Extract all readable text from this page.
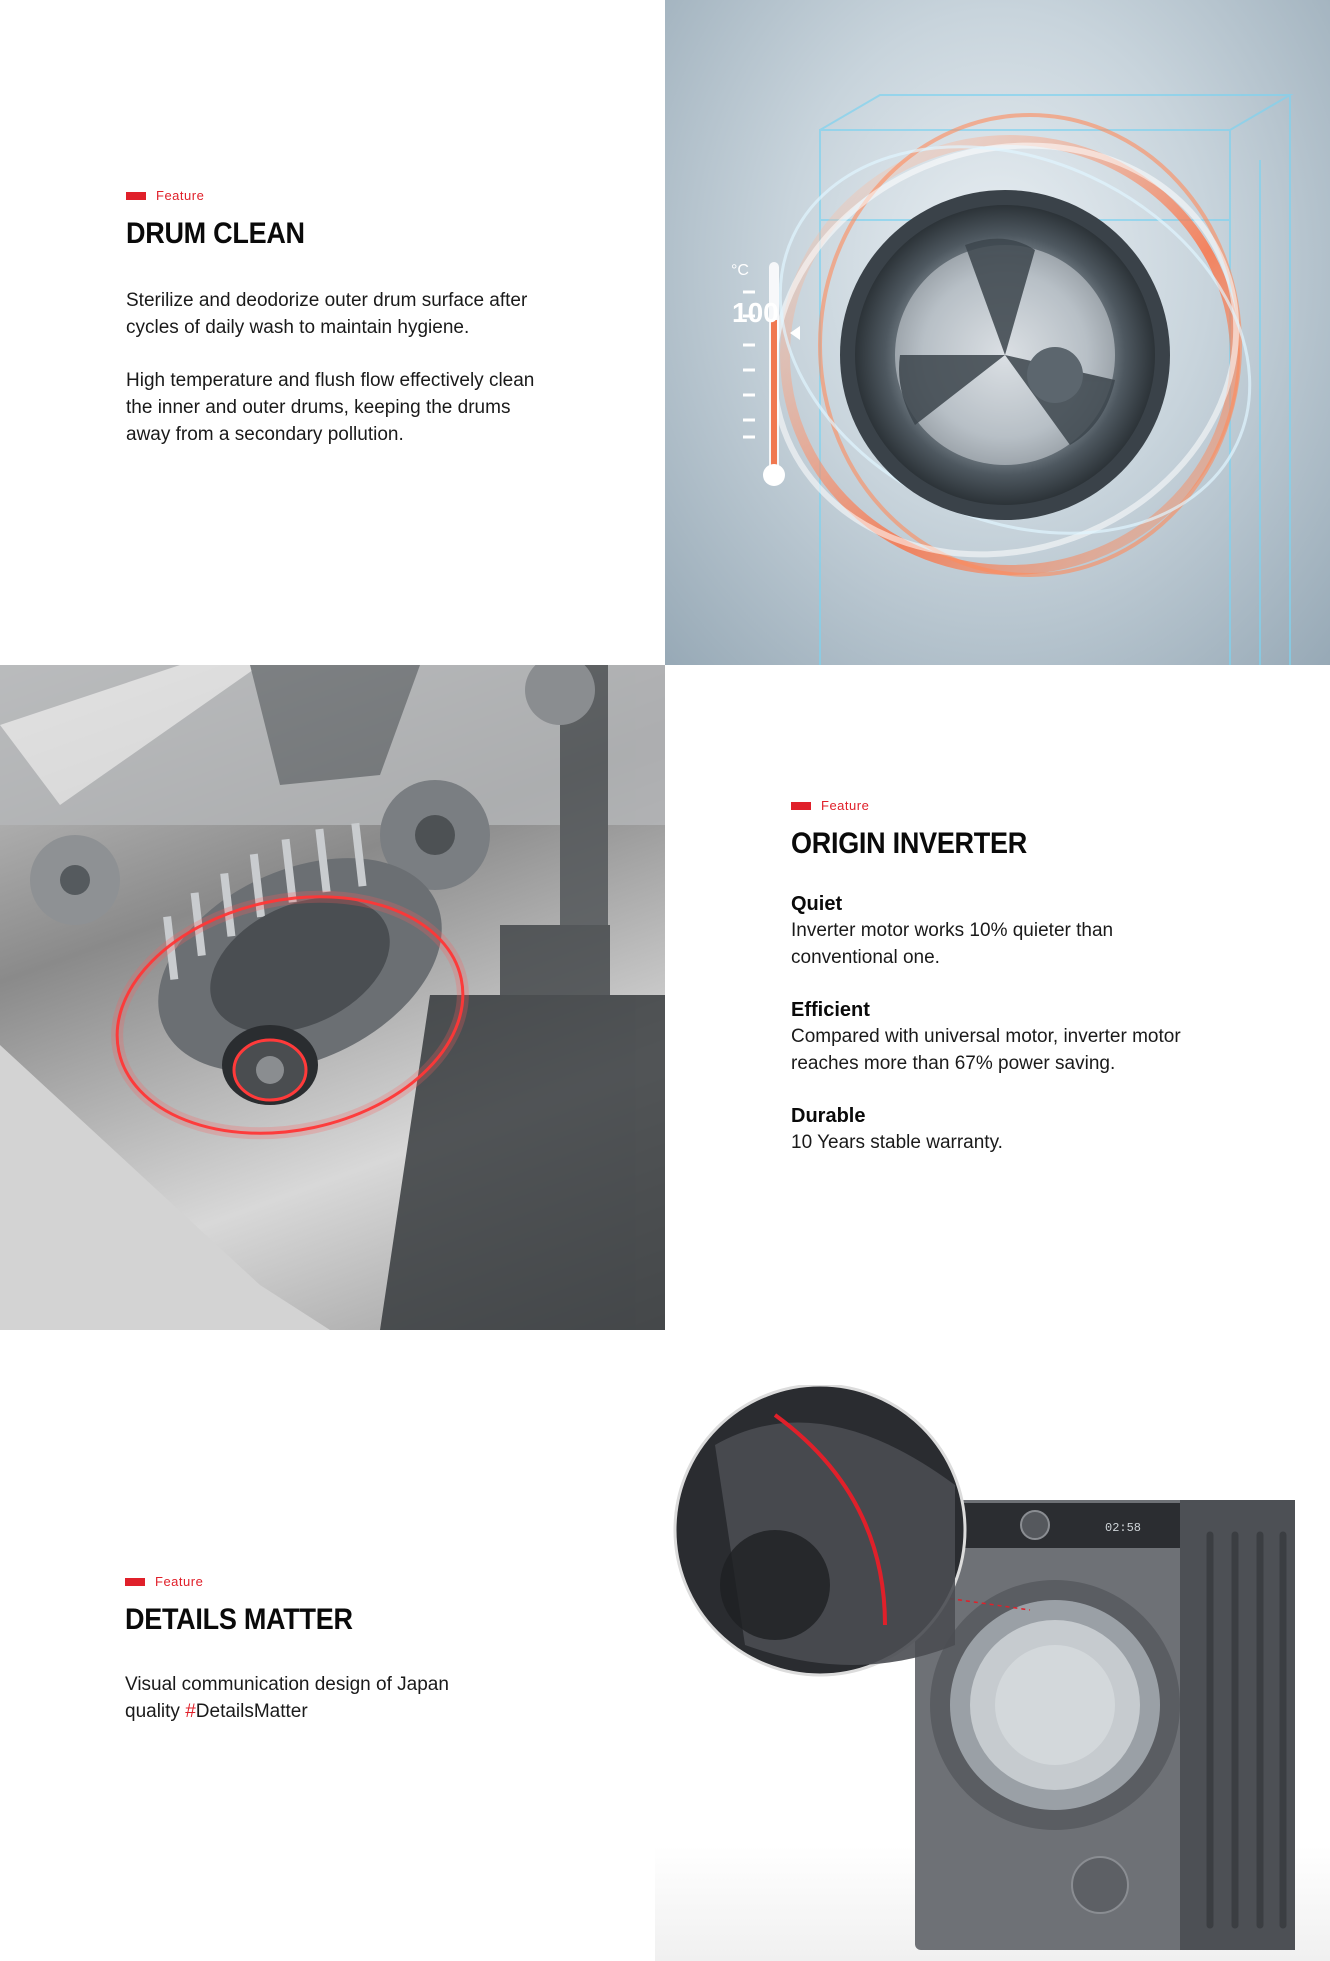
Feature
DRUM CLEAN

Sterilize and deodorize outer drum surface after cycles of daily wash to maintain hygiene.

High temperature and flush flow effectively clean the inner and outer drums, keeping the drums away from a secondary pollution.

100
°C
Feature
ORIGIN INVERTER
Quiet

Inverter motor works 10% quieter than conventional one.

Efficient

Compared with universal motor, inverter motor reaches more than 67% power saving.

Durable

10 Years stable warranty.

Feature
DETAILS MATTER

Visual communication design of Japan quality #DetailsMatter

02:58
